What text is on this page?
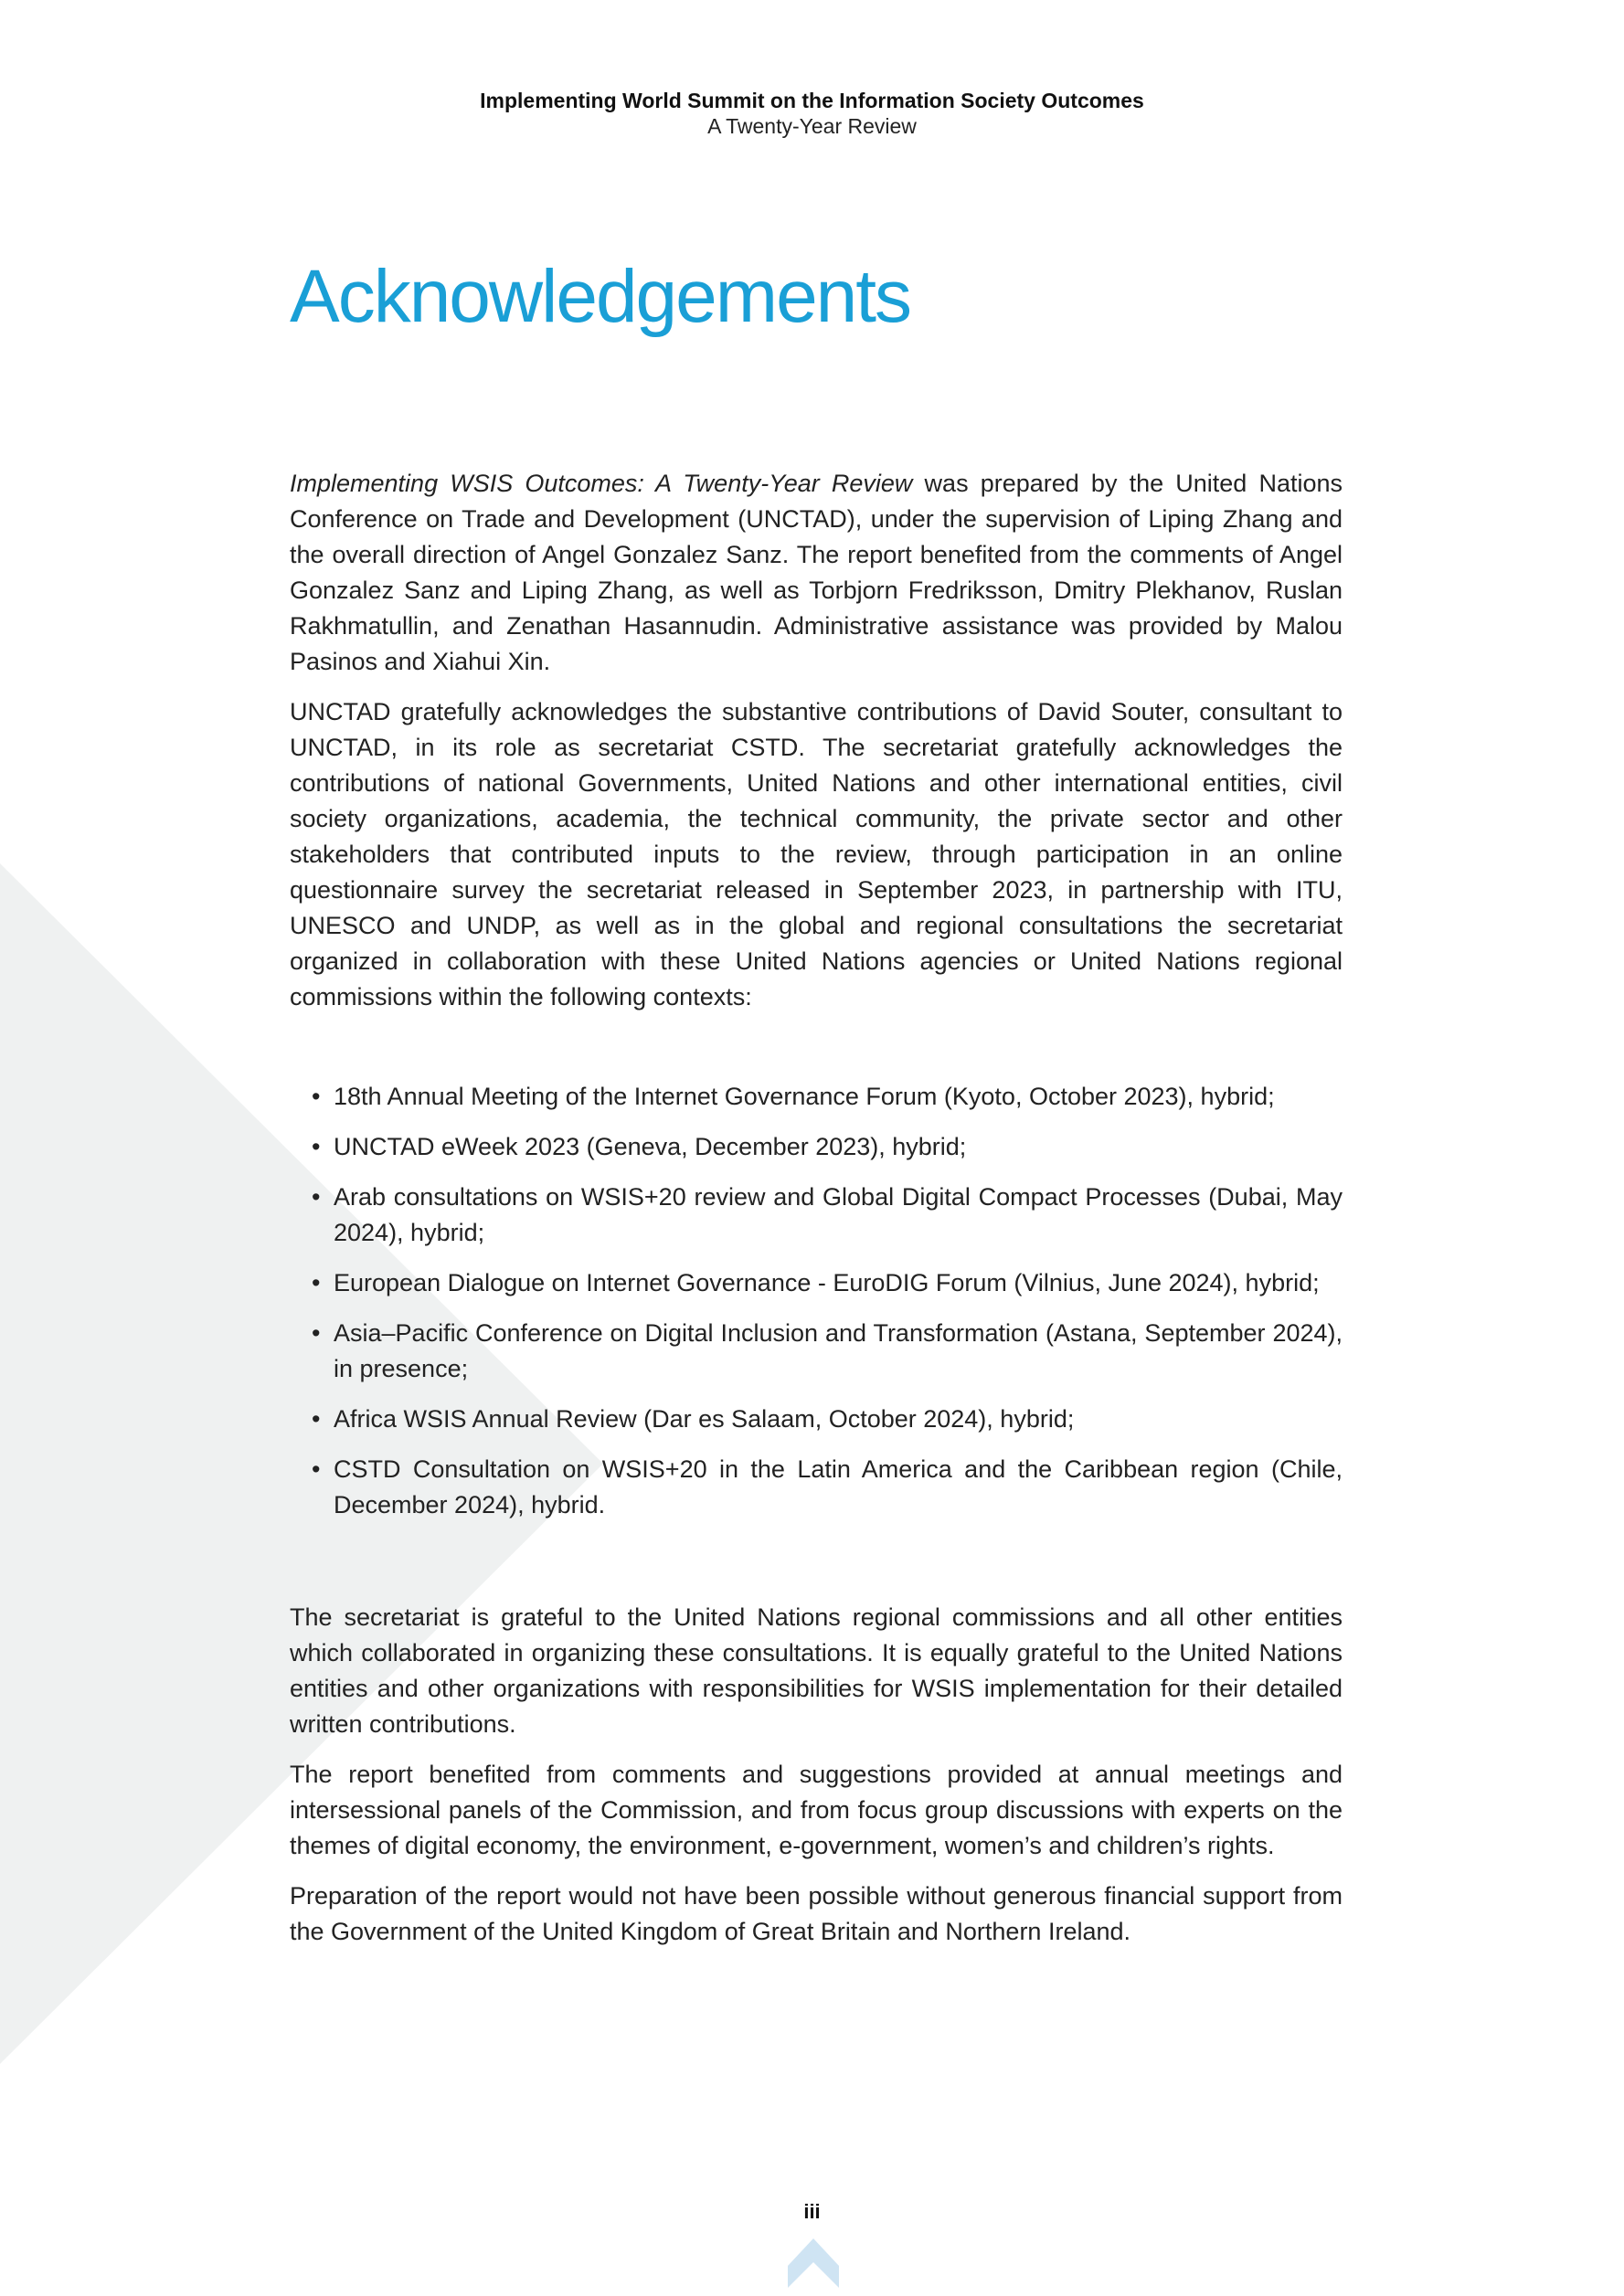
Implementing World Summit on the Information Society Outcomes
A Twenty-Year Review
Acknowledgements

Implementing WSIS Outcomes: A Twenty-Year Review was prepared by the United Nations Conference on Trade and Development (UNCTAD), under the supervision of Liping Zhang and the overall direction of Angel Gonzalez Sanz. The report benefited from the comments of Angel Gonzalez Sanz and Liping Zhang, as well as Torbjorn Fredriksson, Dmitry Plekhanov, Ruslan Rakhmatullin, and Zenathan Hasannudin. Administrative assistance was provided by Malou Pasinos and Xiahui Xin.

UNCTAD gratefully acknowledges the substantive contributions of David Souter, consultant to UNCTAD, in its role as secretariat CSTD. The secretariat gratefully acknowledges the contributions of national Governments, United Nations and other international entities, civil society organizations, academia, the technical community, the private sector and other stakeholders that contributed inputs to the review, through participation in an online questionnaire survey the secretariat released in September 2023, in partnership with ITU, UNESCO and UNDP, as well as in the global and regional consultations the secretariat organized in collaboration with these United Nations agencies or United Nations regional commissions within the following contexts:

• 18th Annual Meeting of the Internet Governance Forum (Kyoto, October 2023), hybrid;
• UNCTAD eWeek 2023 (Geneva, December 2023), hybrid;
• Arab consultations on WSIS+20 review and Global Digital Compact Processes (Dubai, May 2024), hybrid;
• European Dialogue on Internet Governance - EuroDIG Forum (Vilnius, June 2024), hybrid;
• Asia–Pacific Conference on Digital Inclusion and Transformation (Astana, September 2024), in presence;
• Africa WSIS Annual Review (Dar es Salaam, October 2024), hybrid;
• CSTD Consultation on WSIS+20 in the Latin America and the Caribbean region (Chile, December 2024), hybrid.

The secretariat is grateful to the United Nations regional commissions and all other entities which collaborated in organizing these consultations. It is equally grateful to the United Nations entities and other organizations with responsibilities for WSIS implementation for their detailed written contributions.

The report benefited from comments and suggestions provided at annual meetings and intersessional panels of the Commission, and from focus group discussions with experts on the themes of digital economy, the environment, e-government, women’s and children’s rights.

Preparation of the report would not have been possible without generous financial support from the Government of the United Kingdom of Great Britain and Northern Ireland.

iii
